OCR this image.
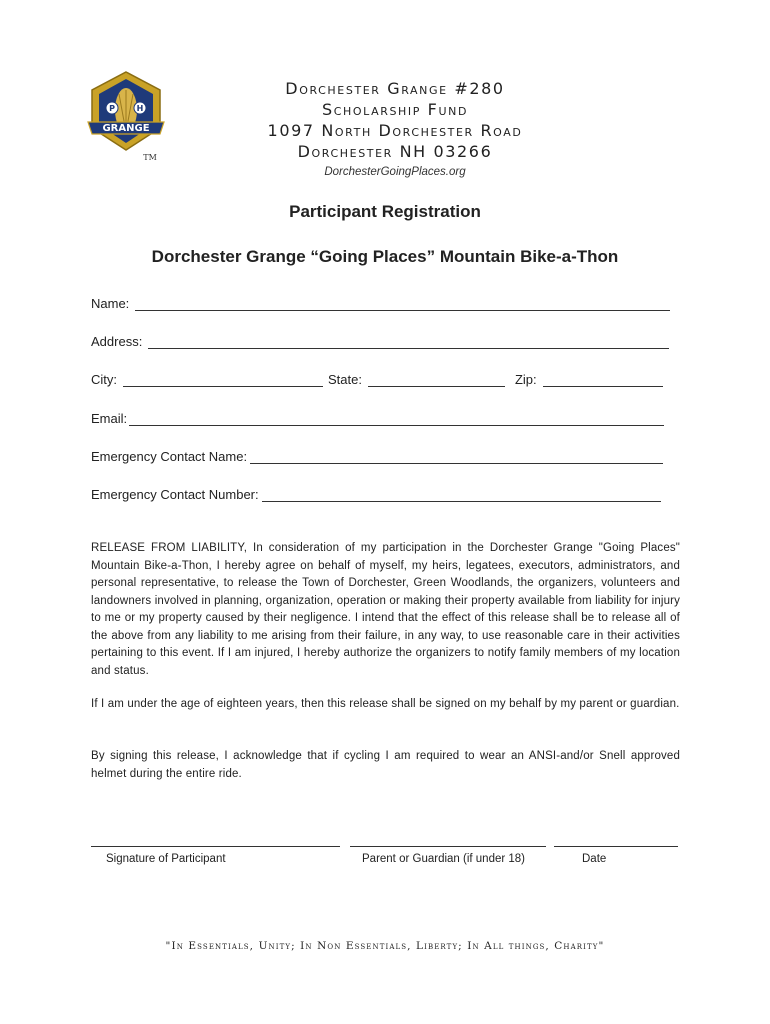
P	H
GRANGE
TM
Dorchester Grange #280
Scholarship Fund
1097 North Dorchester Road
Dorchester NH 03266
DorchesterGoingPlaces.org
Participant Registration
Dorchester Grange “Going Places” Mountain Bike-a-Thon
Name:
Address:
City:	State:	Zip:
Email:
Emergency Contact Name:
Emergency Contact Number:
RELEASE FROM LIABILITY, In consideration of my participation in the Dorchester Grange "Going Places" Mountain Bike-a-Thon, I hereby agree on behalf of myself, my heirs, legatees, executors, administrators, and personal representative, to release the Town of Dorchester, Green Woodlands, the organizers, volunteers and landowners involved in planning, organization, operation or making their property available from liability for injury to me or my property caused by their negligence. I intend that the effect of this release shall be to release all of the above from any liability to me arising from their failure, in any way, to use reasonable care in their activities pertaining to this event. If I am injured, I hereby authorize the organizers to notify family members of my location and status.
If I am under the age of eighteen years, then this release shall be signed on my behalf by my parent or guardian.
By signing this release, I acknowledge that if cycling I am required to wear an ANSI-and/or Snell approved helmet during the entire ride.
Signature of Participant	Parent or Guardian (if under 18)	Date
"In Essentials, Unity; In Non Essentials, Liberty; In All things, Charity"
